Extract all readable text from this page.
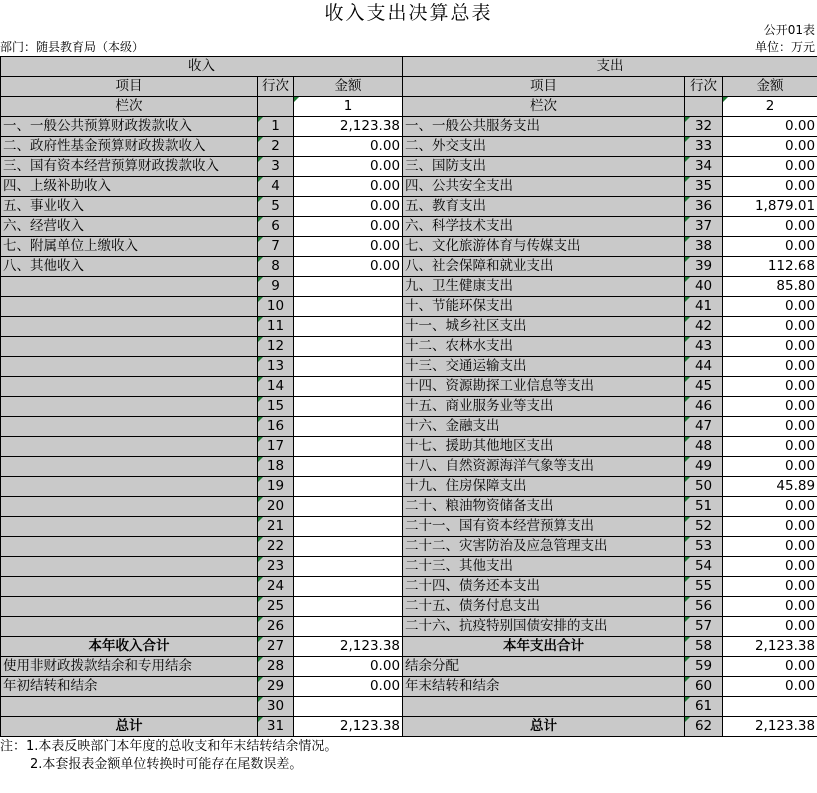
收入支出决算总表
公开01表
部门：随县教育局（本级）	单位：万元
收入			支出		
项目	行次	金额	项目	行次	金额
栏次		1	栏次		2
一、一般公共预算财政拨款收入	1	2,123.38	一、一般公共服务支出	32	0.00
二、政府性基金预算财政拨款收入	2	0.00	二、外交支出	33	0.00
三、国有资本经营预算财政拨款收入	3	0.00	三、国防支出	34	0.00
四、上级补助收入	4	0.00	四、公共安全支出	35	0.00
五、事业收入	5	0.00	五、教育支出	36	1,879.01
六、经营收入	6	0.00	六、科学技术支出	37	0.00
七、附属单位上缴收入	7	0.00	七、文化旅游体育与传媒支出	38	0.00
八、其他收入	8	0.00	八、社会保障和就业支出	39	112.68
	9		九、卫生健康支出	40	85.80
	10		十、节能环保支出	41	0.00
	11		十一、城乡社区支出	42	0.00
	12		十二、农林水支出	43	0.00
	13		十三、交通运输支出	44	0.00
	14		十四、资源勘探工业信息等支出	45	0.00
	15		十五、商业服务业等支出	46	0.00
	16		十六、金融支出	47	0.00
	17		十七、援助其他地区支出	48	0.00
	18		十八、自然资源海洋气象等支出	49	0.00
	19		十九、住房保障支出	50	45.89
	20		二十、粮油物资储备支出	51	0.00
	21		二十一、国有资本经营预算支出	52	0.00
	22		二十二、灾害防治及应急管理支出	53	0.00
	23		二十三、其他支出	54	0.00
	24		二十四、债务还本支出	55	0.00
	25		二十五、债务付息支出	56	0.00
	26		二十六、抗疫特别国债安排的支出	57	0.00
本年收入合计	27	2,123.38	本年支出合计	58	2,123.38
使用非财政拨款结余和专用结余	28	0.00	结余分配	59	0.00
年初结转和结余	29	0.00	年末结转和结余	60	0.00
	30			61	
总计	31	2,123.38	总计	62	2,123.38
注：1.本表反映部门本年度的总收支和年末结转结余情况。
2.本套报表金额单位转换时可能存在尾数误差。
